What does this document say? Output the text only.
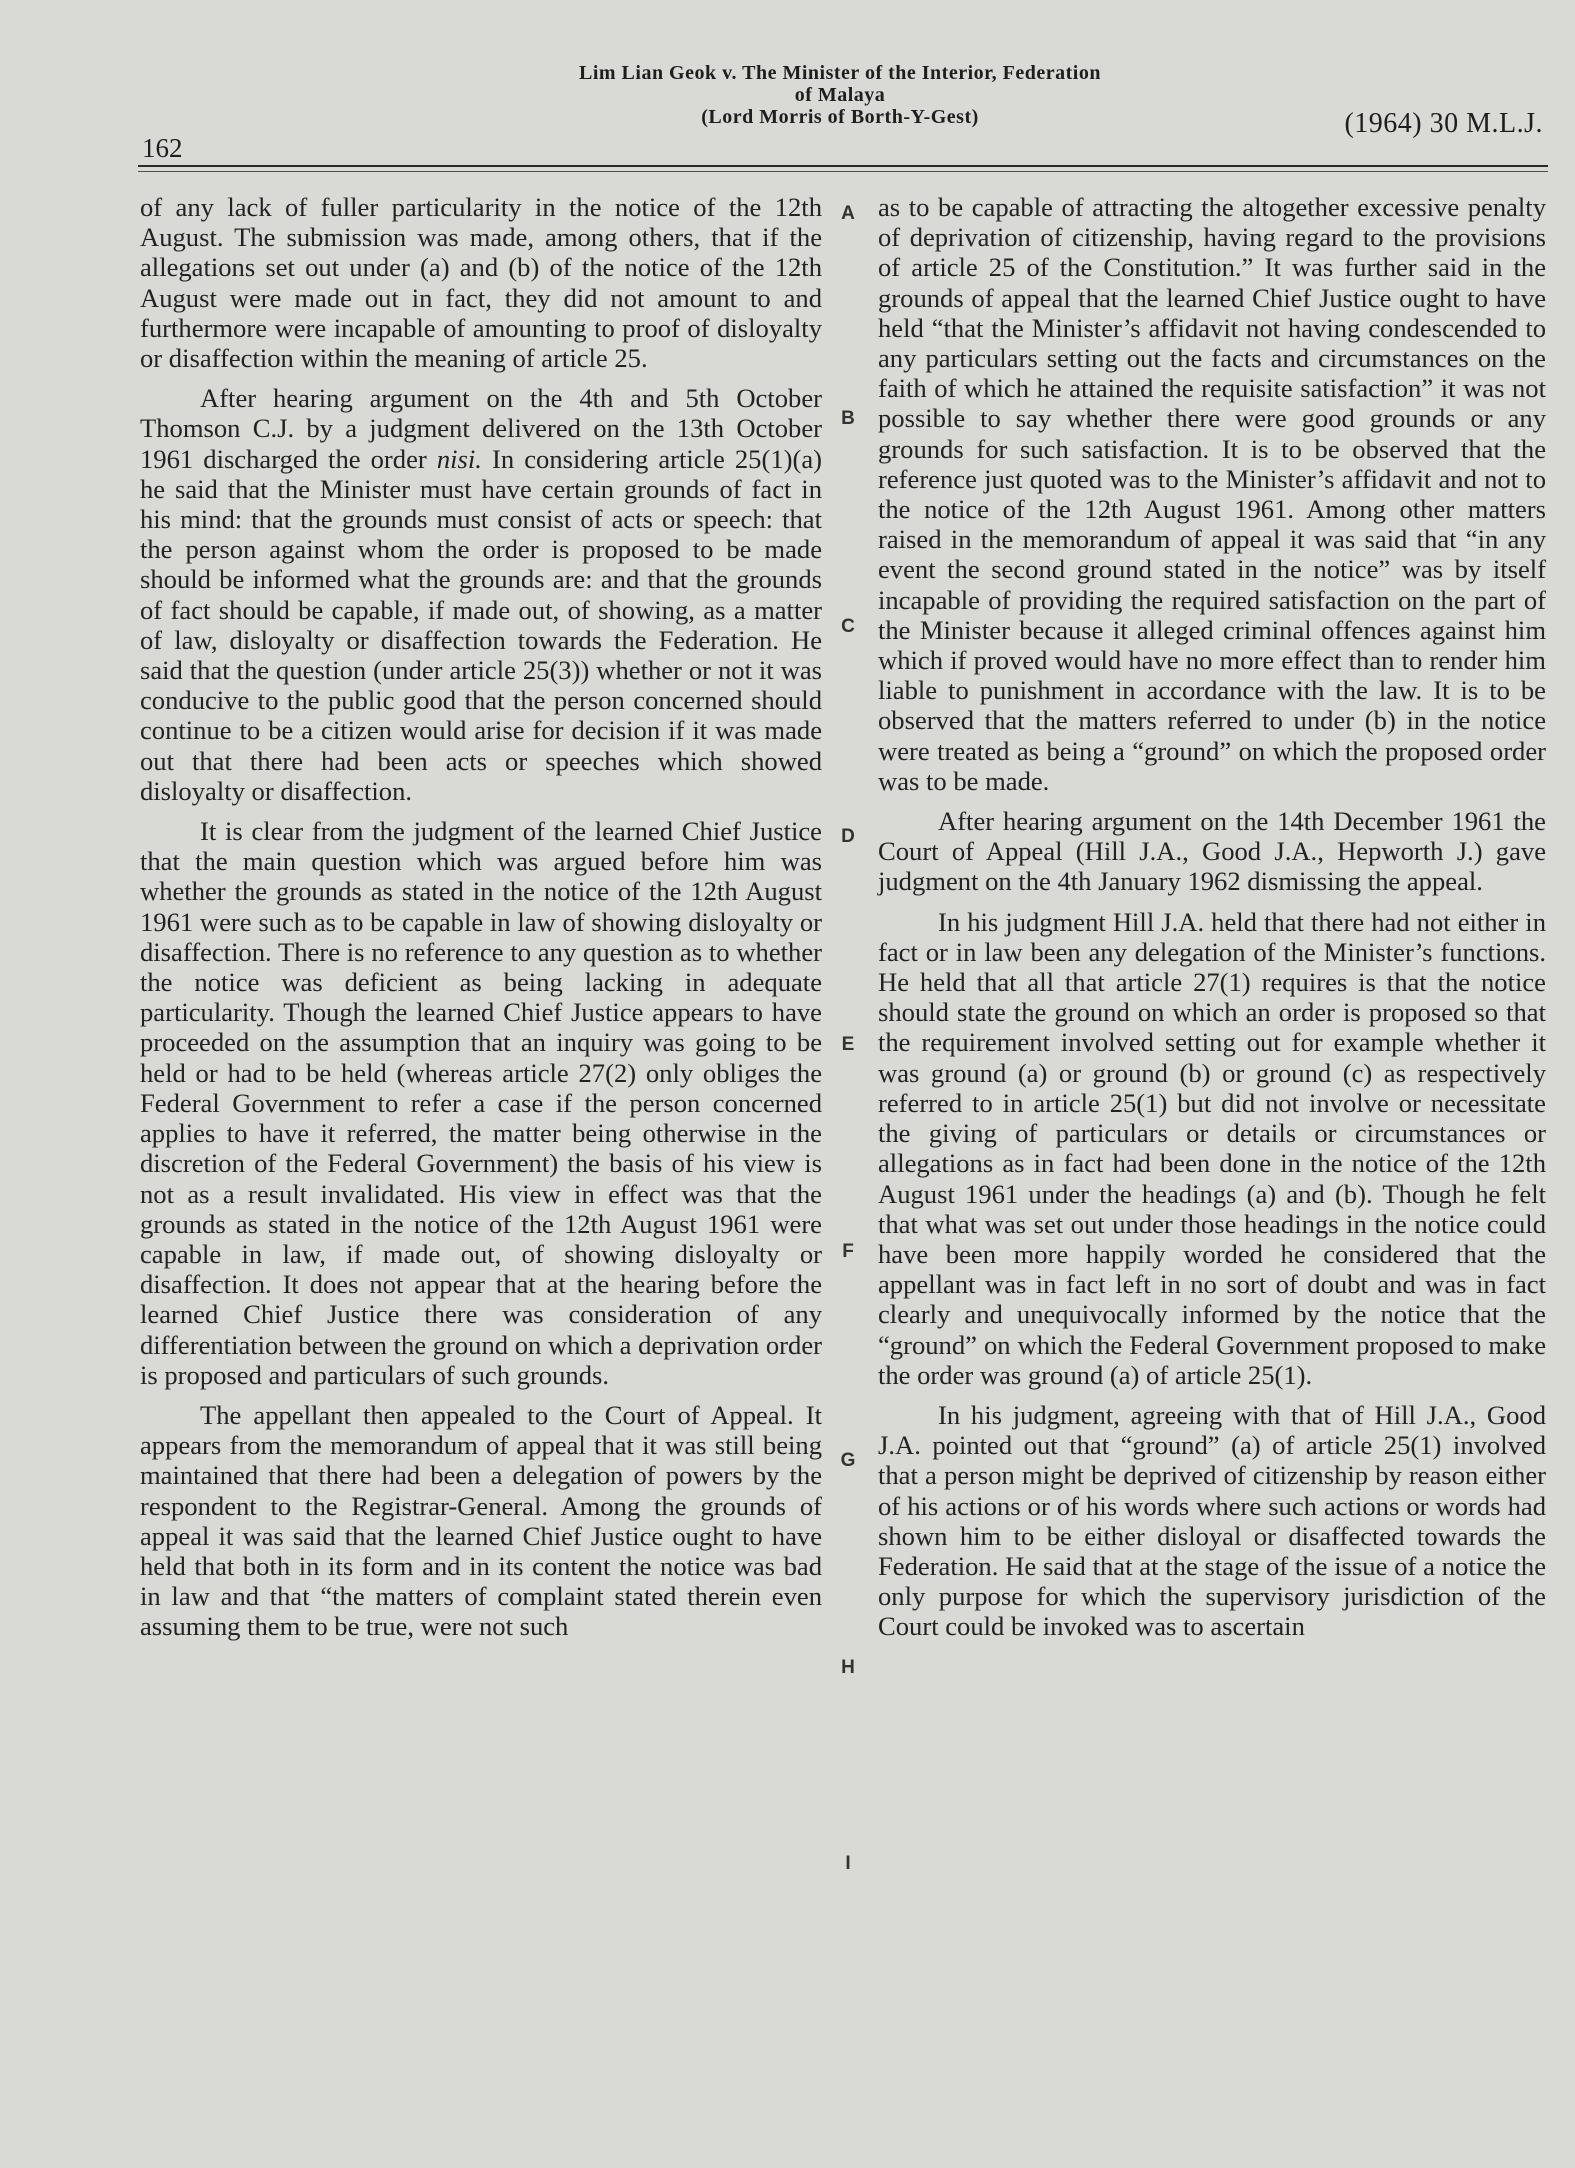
Lim Lian Geok v. The Minister of the Interior, Federation
of Malaya
(Lord Morris of Borth-Y-Gest)
162
(1964) 30 M.L.J.

of any lack of fuller particularity in the notice of the 12th August. The submission was made, among others, that if the allegations set out under (a) and (b) of the notice of the 12th August were made out in fact, they did not amount to and furthermore were incapable of amounting to proof of disloyalty or disaffection within the meaning of article 25.

After hearing argument on the 4th and 5th October Thomson C.J. by a judgment delivered on the 13th October 1961 discharged the order nisi. In considering article 25(1)(a) he said that the Minister must have certain grounds of fact in his mind: that the grounds must consist of acts or speech: that the person against whom the order is proposed to be made should be informed what the grounds are: and that the grounds of fact should be capable, if made out, of showing, as a matter of law, disloyalty or disaffection towards the Federation. He said that the question (under article 25(3)) whether or not it was conducive to the public good that the person concerned should continue to be a citizen would arise for decision if it was made out that there had been acts or speeches which showed disloyalty or disaffection.

It is clear from the judgment of the learned Chief Justice that the main question which was argued before him was whether the grounds as stated in the notice of the 12th August 1961 were such as to be capable in law of showing disloyalty or disaffection. There is no reference to any question as to whether the notice was deficient as being lacking in adequate particularity. Though the learned Chief Justice appears to have proceeded on the assumption that an inquiry was going to be held or had to be held (whereas article 27(2) only obliges the Federal Government to refer a case if the person concerned applies to have it referred, the matter being otherwise in the discretion of the Federal Government) the basis of his view is not as a result invalidated. His view in effect was that the grounds as stated in the notice of the 12th August 1961 were capable in law, if made out, of showing disloyalty or disaffection. It does not appear that at the hearing before the learned Chief Justice there was consideration of any differentiation between the ground on which a deprivation order is proposed and particulars of such grounds.

The appellant then appealed to the Court of Appeal. It appears from the memorandum of appeal that it was still being maintained that there had been a delegation of powers by the respondent to the Registrar-General. Among the grounds of appeal it was said that the learned Chief Justice ought to have held that both in its form and in its content the notice was bad in law and that “the matters of complaint stated therein even assuming them to be true, were not such

A
B
C
D
E
F
G
H
I

as to be capable of attracting the altogether excessive penalty of deprivation of citizenship, having regard to the provisions of article 25 of the Constitution.” It was further said in the grounds of appeal that the learned Chief Justice ought to have held “that the Minister’s affidavit not having condescended to any particulars setting out the facts and circumstances on the faith of which he attained the requisite satisfaction” it was not possible to say whether there were good grounds or any grounds for such satisfaction. It is to be observed that the reference just quoted was to the Minister’s affidavit and not to the notice of the 12th August 1961. Among other matters raised in the memorandum of appeal it was said that “in any event the second ground stated in the notice” was by itself incapable of providing the required satisfaction on the part of the Minister because it alleged criminal offences against him which if proved would have no more effect than to render him liable to punishment in accordance with the law. It is to be observed that the matters referred to under (b) in the notice were treated as being a “ground” on which the proposed order was to be made.

After hearing argument on the 14th December 1961 the Court of Appeal (Hill J.A., Good J.A., Hepworth J.) gave judgment on the 4th January 1962 dismissing the appeal.

In his judgment Hill J.A. held that there had not either in fact or in law been any delegation of the Minister’s functions. He held that all that article 27(1) requires is that the notice should state the ground on which an order is proposed so that the requirement involved setting out for example whether it was ground (a) or ground (b) or ground (c) as respectively referred to in article 25(1) but did not involve or necessitate the giving of particulars or details or circumstances or allegations as in fact had been done in the notice of the 12th August 1961 under the headings (a) and (b). Though he felt that what was set out under those headings in the notice could have been more happily worded he considered that the appellant was in fact left in no sort of doubt and was in fact clearly and unequivocally informed by the notice that the “ground” on which the Federal Government proposed to make the order was ground (a) of article 25(1).

In his judgment, agreeing with that of Hill J.A., Good J.A. pointed out that “ground” (a) of article 25(1) involved that a person might be deprived of citizenship by reason either of his actions or of his words where such actions or words had shown him to be either disloyal or disaffected towards the Federation. He said that at the stage of the issue of a notice the only purpose for which the supervisory jurisdiction of the Court could be invoked was to ascertain
